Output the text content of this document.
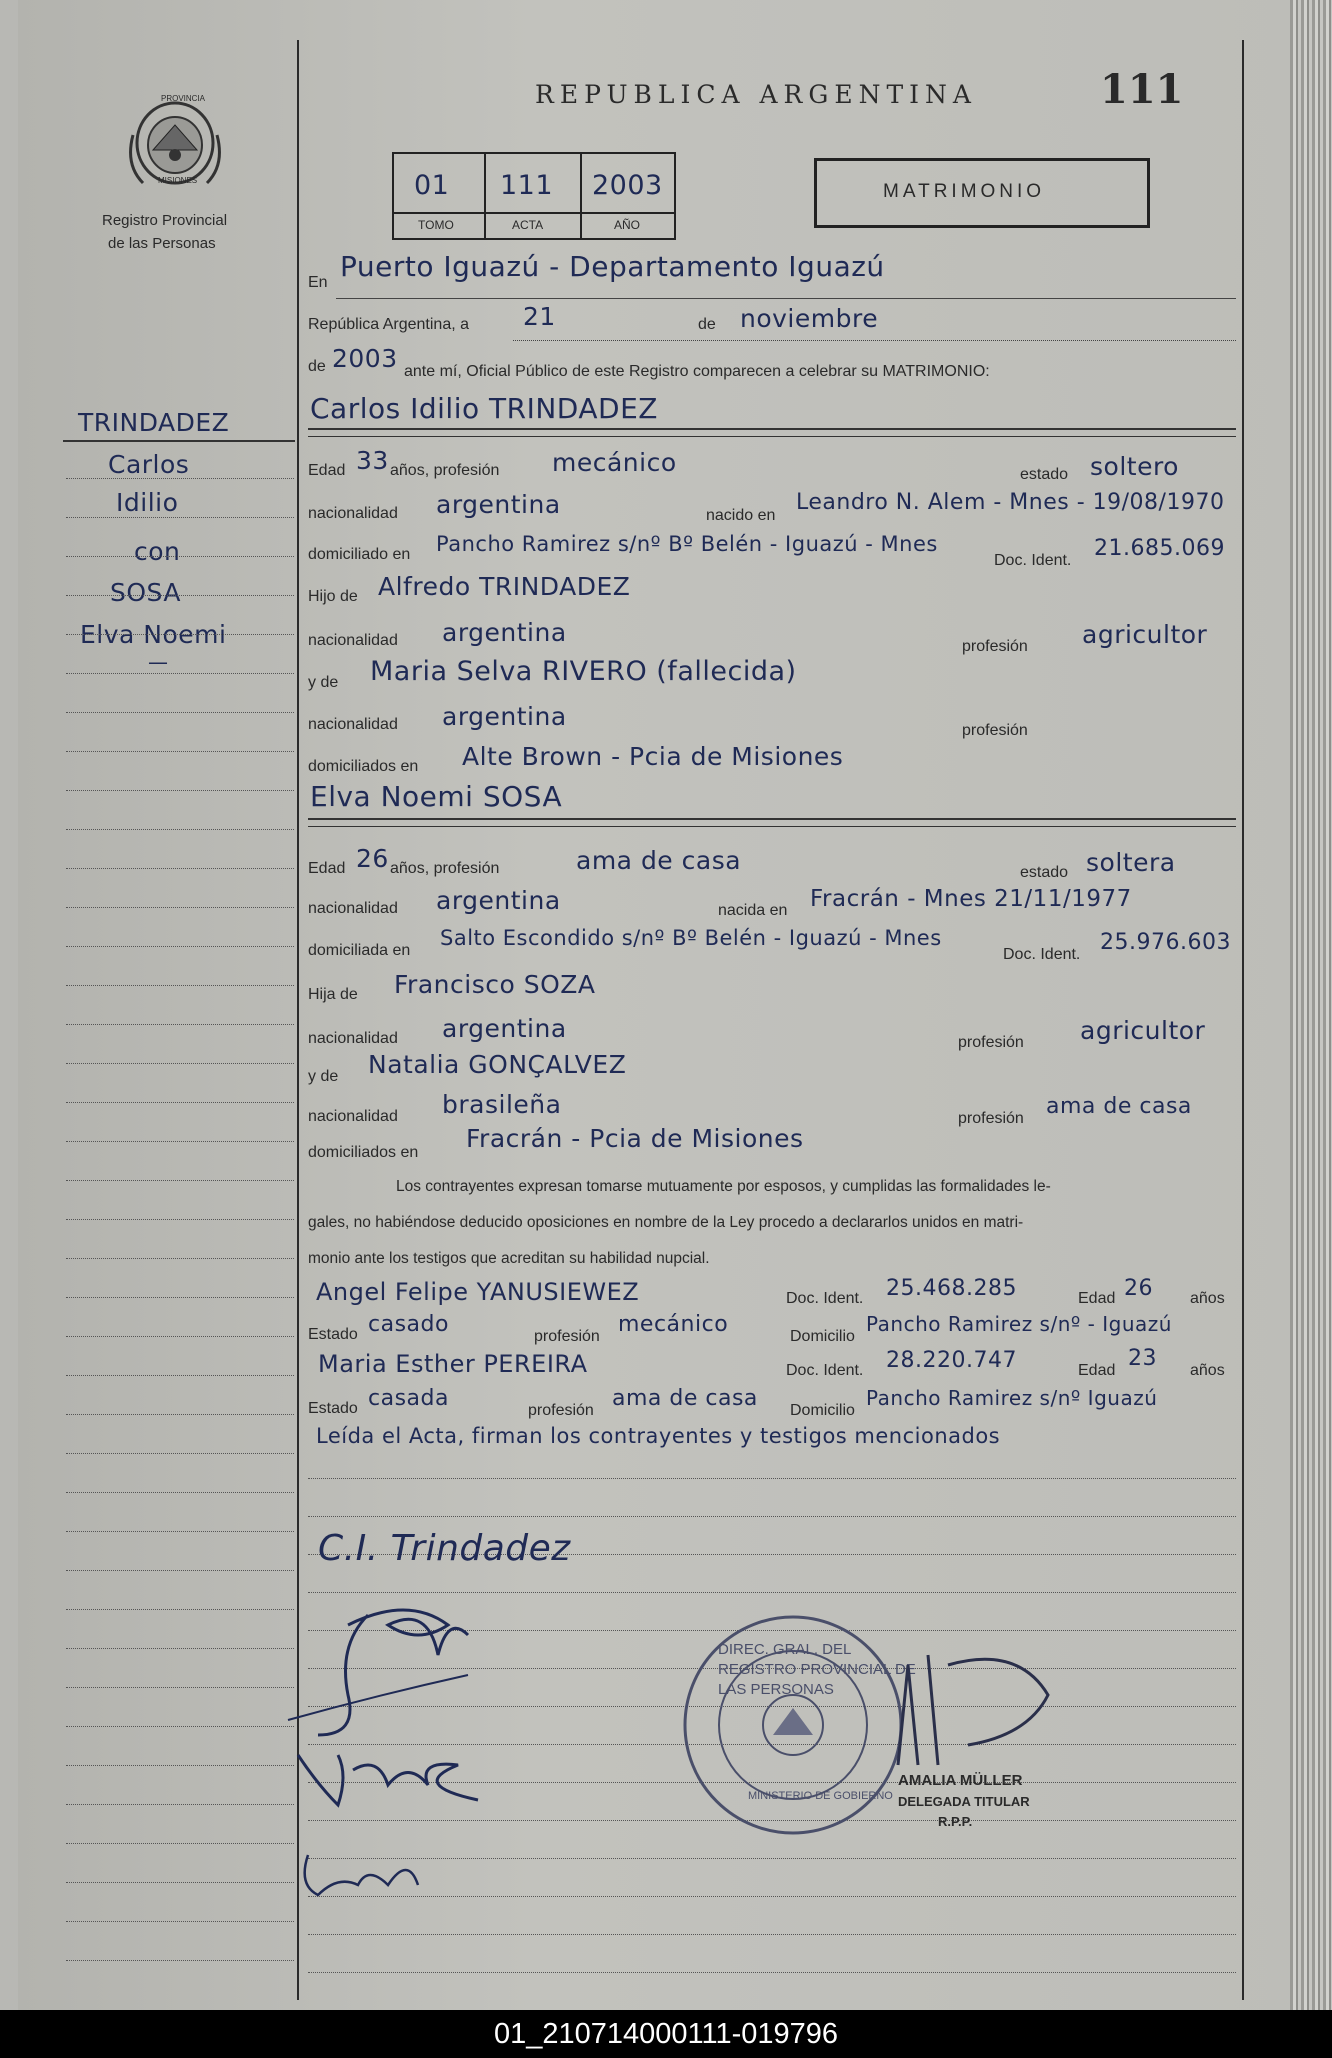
PROVINCIA
MISIONES
Registro Provincial
de las Personas
REPUBLICA ARGENTINA	111
01 111 2003
TOMO	ACTA	AÑO
MATRIMONIO
TRINDADEZ
Carlos
Idilio
con
SOSA
Elva Noemi
—
En Puerto Iguazú - Departamento Iguazú
República Argentina, a 21	de noviembre
de 2003 ante mí, Oficial Público de este Registro comparecen a celebrar su MATRIMONIO:
Carlos Idilio TRINDADEZ
Edad 33 años, profesión mecánico	estado soltero
nacionalidad argentina	nacido en
Leandro N. Alem - Mnes - 19/08/1970
domiciliado en Pancho Ramirez s/nº Bº Belén - Iguazú - Mnes
Doc. Ident. 21.685.069
Hijo de Alfredo TRINDADEZ
nacionalidad argentina	profesión agricultor
y de Maria Selva RIVERO (fallecida)
nacionalidad argentina	profesión
domiciliados en Alte Brown - Pcia de Misiones
Elva Noemi SOSA
Edad 26 años, profesión	ama de casa	estado soltera
nacionalidad argentina	nacida en Fracrán - Mnes 21/11/1977
domiciliada en
Salto Escondido s/nº Bº Belén - Iguazú - Mnes
Doc. Ident. 25.976.603
Hija de Francisco SOZA
nacionalidad argentina	profesión agricultor
y de Natalia GONÇALVEZ
nacionalidad brasileña	profesión ama de casa
domiciliados en Fracrán - Pcia de Misiones
Los contrayentes expresan tomarse mutuamente por esposos, y cumplidas las formalidades le-
gales, no habiéndose deducido oposiciones en nombre de la Ley procedo a declararlos unidos en matri-
monio ante los testigos que acreditan su habilidad nupcial.
Angel Felipe YANUSIEWEZ	Doc. Ident. 25.468.285	Edad 26 años
Estado casado	profesión mecánico	Domicilio
Pancho Ramirez s/nº - Iguazú
Maria Esther PEREIRA	Doc. Ident. 28.220.747	Edad 23 años
Estado casada	profesión ama de casa Domicilio
Pancho Ramirez s/nº Iguazú
Leída el Acta, firman los contrayentes y testigos mencionados
C.I. Trindadez
DIREC. GRAL. DEL REGISTRO PROVINCIAL DE LAS PERSONAS
MINISTERIO DE GOBIERNO
AMALIA MÜLLER
DELEGADA TITULAR
R.P.P.
01_210714000111-019796
